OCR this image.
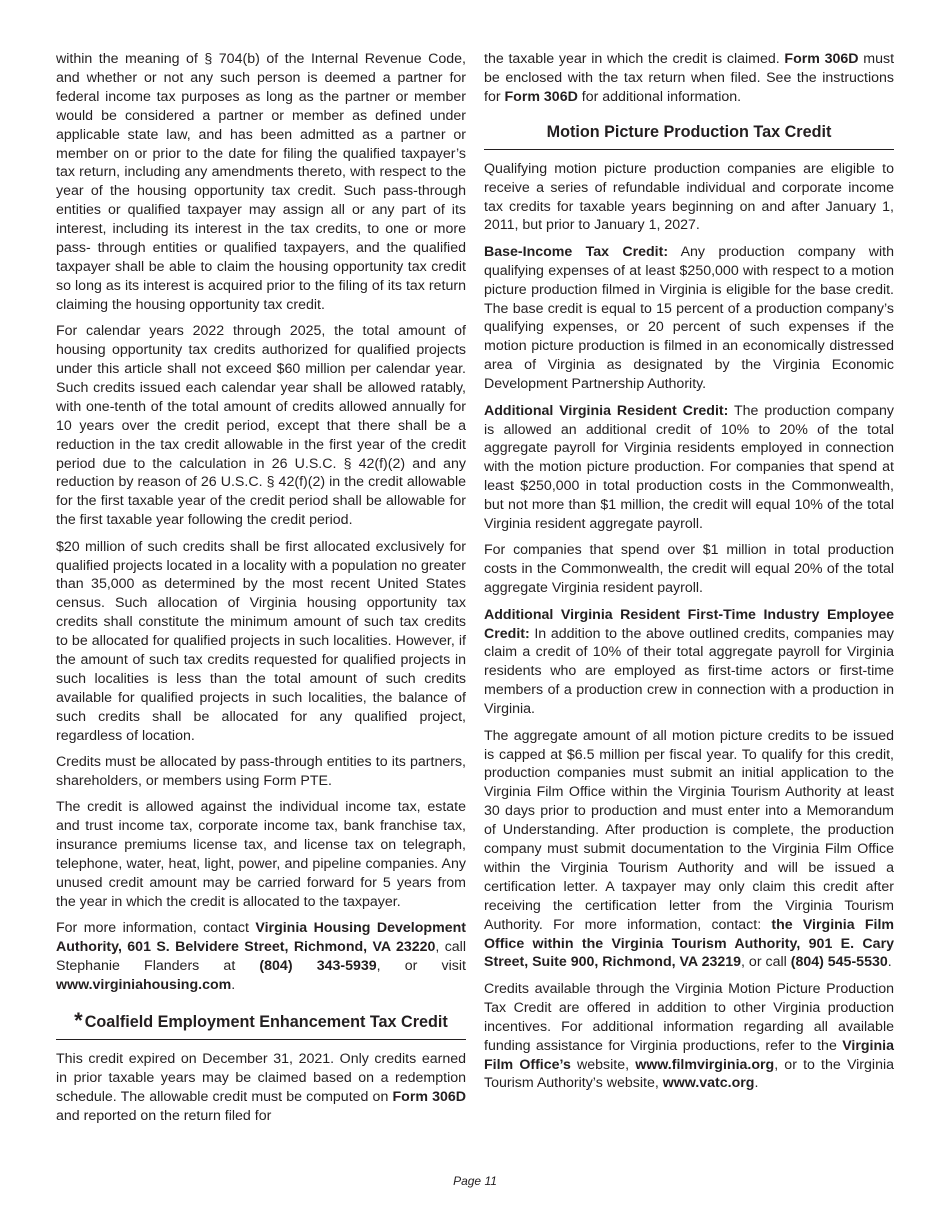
within the meaning of § 704(b) of the Internal Revenue Code, and whether or not any such person is deemed a partner for federal income tax purposes as long as the partner or member would be considered a partner or member as defined under applicable state law, and has been admitted as a partner or member on or prior to the date for filing the qualified taxpayer’s tax return, including any amendments thereto, with respect to the year of the housing opportunity tax credit. Such pass-through entities or qualified taxpayer may assign all or any part of its interest, including its interest in the tax credits, to one or more pass- through entities or qualified taxpayers, and the qualified taxpayer shall be able to claim the housing opportunity tax credit so long as its interest is acquired prior to the filing of its tax return claiming the housing opportunity tax credit.

For calendar years 2022 through 2025, the total amount of housing opportunity tax credits authorized for qualified projects under this article shall not exceed $60 million per calendar year. Such credits issued each calendar year shall be allowed ratably, with one-tenth of the total amount of credits allowed annually for 10 years over the credit period, except that there shall be a reduction in the tax credit allowable in the first year of the credit period due to the calculation in 26 U.S.C. § 42(f)(2) and any reduction by reason of 26 U.S.C. § 42(f)(2) in the credit allowable for the first taxable year of the credit period shall be allowable for the first taxable year following the credit period.

$20 million of such credits shall be first allocated exclusively for qualified projects located in a locality with a population no greater than 35,000 as determined by the most recent United States census. Such allocation of Virginia housing opportunity tax credits shall constitute the minimum amount of such tax credits to be allocated for qualified projects in such localities. However, if the amount of such tax credits requested for qualified projects in such localities is less than the total amount of such credits available for qualified projects in such localities, the balance of such credits shall be allocated for any qualified project, regardless of location.

Credits must be allocated by pass-through entities to its partners, shareholders, or members using Form PTE.

The credit is allowed against the individual income tax, estate and trust income tax, corporate income tax, bank franchise tax, insurance premiums license tax, and license tax on telegraph, telephone, water, heat, light, power, and pipeline companies. Any unused credit amount may be carried forward for 5 years from the year in which the credit is allocated to the taxpayer.

For more information, contact Virginia Housing Development Authority, 601 S. Belvidere Street, Richmond, VA 23220, call Stephanie Flanders at (804) 343-5939, or visit www.virginiahousing.com.

* Coalfield Employment Enhancement Tax Credit

This credit expired on December 31, 2021. Only credits earned in prior taxable years may be claimed based on a redemption schedule. The allowable credit must be computed on Form 306D and reported on the return filed for

the taxable year in which the credit is claimed. Form 306D must be enclosed with the tax return when filed. See the instructions for Form 306D for additional information.

Motion Picture Production Tax Credit

Qualifying motion picture production companies are eligible to receive a series of refundable individual and corporate income tax credits for taxable years beginning on and after January 1, 2011, but prior to January 1, 2027.

Base-Income Tax Credit: Any production company with qualifying expenses of at least $250,000 with respect to a motion picture production filmed in Virginia is eligible for the base credit. The base credit is equal to 15 percent of a production company’s qualifying expenses, or 20 percent of such expenses if the motion picture production is filmed in an economically distressed area of Virginia as designated by the Virginia Economic Development Partnership Authority.

Additional Virginia Resident Credit: The production company is allowed an additional credit of 10% to 20% of the total aggregate payroll for Virginia residents employed in connection with the motion picture production. For companies that spend at least $250,000 in total production costs in the Commonwealth, but not more than $1 million, the credit will equal 10% of the total Virginia resident aggregate payroll.

For companies that spend over $1 million in total production costs in the Commonwealth, the credit will equal 20% of the total aggregate Virginia resident payroll.

Additional Virginia Resident First-Time Industry Employee Credit: In addition to the above outlined credits, companies may claim a credit of 10% of their total aggregate payroll for Virginia residents who are employed as first-time actors or first-time members of a production crew in connection with a production in Virginia.

The aggregate amount of all motion picture credits to be issued is capped at $6.5 million per fiscal year. To qualify for this credit, production companies must submit an initial application to the Virginia Film Office within the Virginia Tourism Authority at least 30 days prior to production and must enter into a Memorandum of Understanding. After production is complete, the production company must submit documentation to the Virginia Film Office within the Virginia Tourism Authority and will be issued a certification letter. A taxpayer may only claim this credit after receiving the certification letter from the Virginia Tourism Authority. For more information, contact: the Virginia Film Office within the Virginia Tourism Authority, 901 E. Cary Street, Suite 900, Richmond, VA 23219, or call (804) 545-5530.

Credits available through the Virginia Motion Picture Production Tax Credit are offered in addition to other Virginia production incentives. For additional information regarding all available funding assistance for Virginia productions, refer to the Virginia Film Office’s website, www.filmvirginia.org, or to the Virginia Tourism Authority’s website, www.vatc.org.

Page 11
